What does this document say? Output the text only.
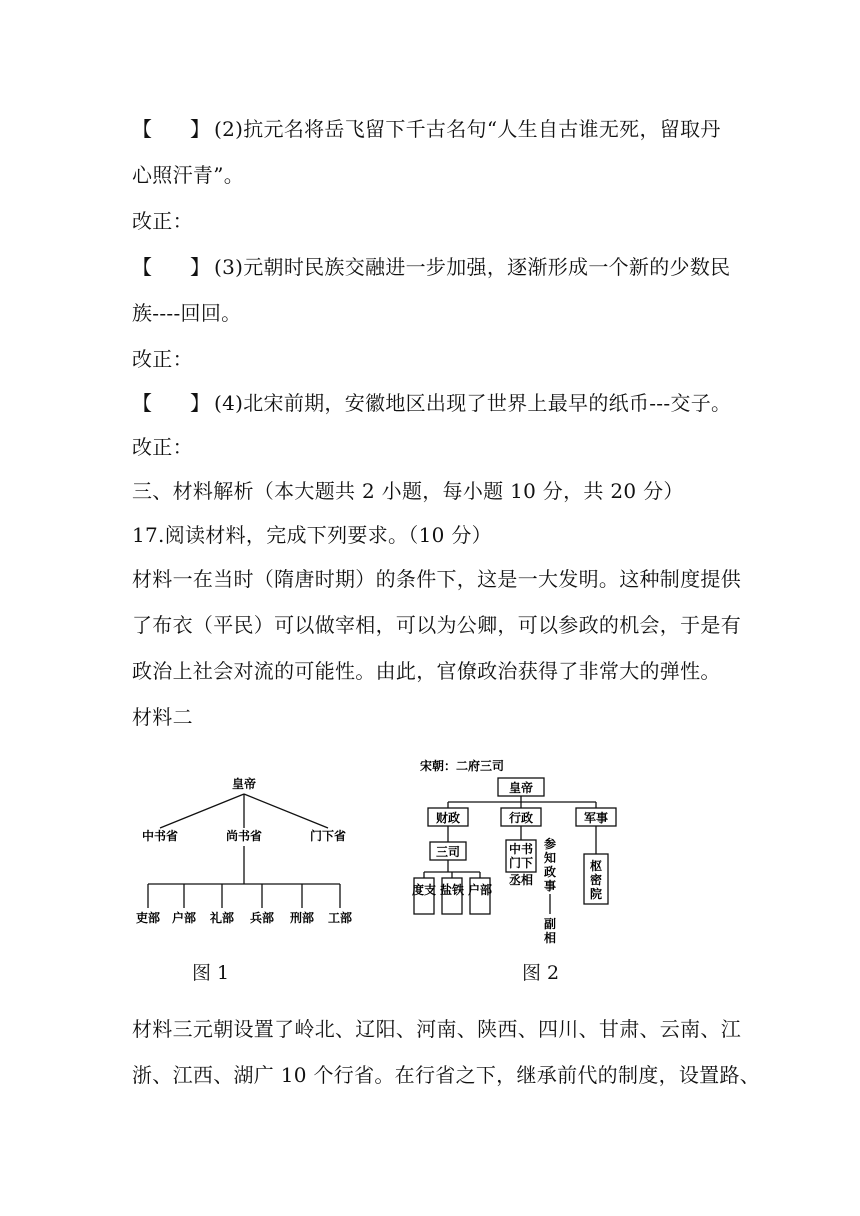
【 】 (2)抗元名将岳飞留下千古名句“人生自古谁无死，留取丹
心照汗青”。
改正：
【 】 (3)元朝时民族交融进一步加强，逐渐形成一个新的少数民
族----回回。
改正：
【 】 (4)北宋前期，安徽地区出现了世界上最早的纸币---交子。
改正：
三、材料解析（本大题共 2 小题，每小题 10 分，共 20 分）
17.阅读材料，完成下列要求。（10 分）
材料一在当时（隋唐时期）的条件下，这是一大发明。这种制度提供
了布衣（平民）可以做宰相，可以为公卿，可以参政的机会，于是有
政治上社会对流的可能性。由此，官僚政治获得了非常大的弹性。
材料二
皇帝
中书省	尚书省	门下省
吏部 户部 礼部 兵部 刑部 工部
图 1
宋朝：二府三司
皇帝
财政	行政	军事
三司
度支 盐铁 户部
中书
门下
丞相
参
知
政
事
副
相
枢
密
院
图 2
材料三元朝设置了岭北、辽阳、河南、陕西、四川、甘肃、云南、江
浙、江西、湖广 10 个行省。在行省之下，继承前代的制度，设置路、
